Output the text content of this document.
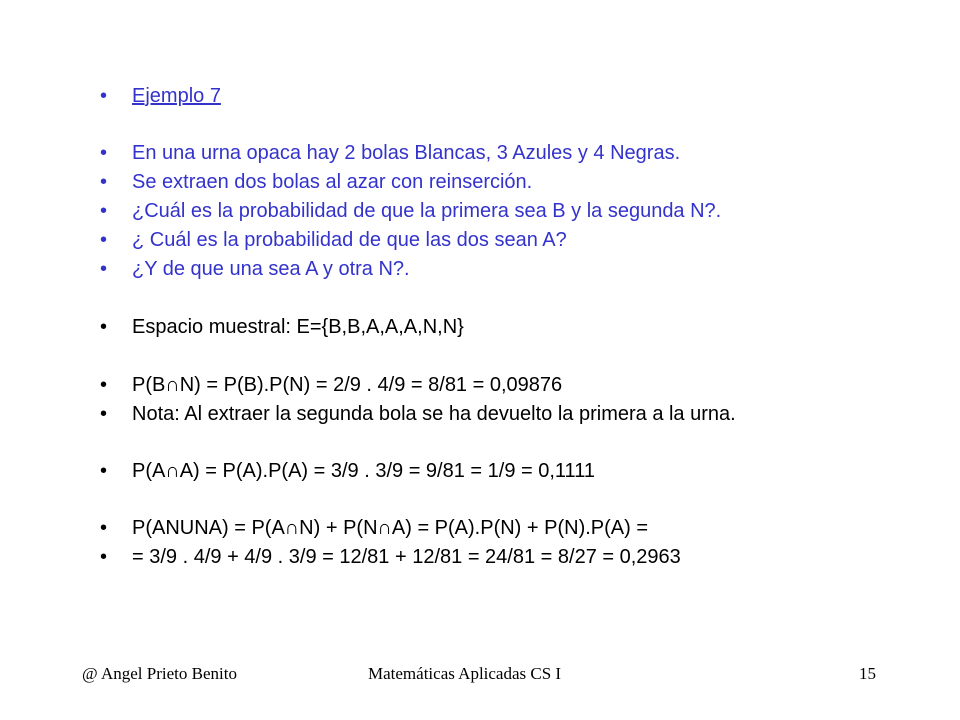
• Ejemplo 7
• En una urna opaca hay 2 bolas Blancas, 3 Azules y 4 Negras.
• Se extraen dos bolas al azar con reinserción.
• ¿Cuál es la probabilidad de que la primera sea B y la segunda N?.
• ¿ Cuál es la probabilidad de que las dos sean A?
• ¿Y de que una sea A y otra N?.
• Espacio muestral: E={B,B,A,A,A,N,N}
• P(B∩N) = P(B).P(N) = 2/9 . 4/9 = 8/81 = 0,09876
• Nota: Al extraer la segunda bola se ha devuelto la primera a la urna.
• P(A∩A) = P(A).P(A) = 3/9 . 3/9 = 9/81 = 1/9 = 0,1111
• P(ANUNA) = P(A∩N) + P(N∩A) = P(A).P(N) + P(N).P(A) =
• = 3/9 . 4/9 + 4/9 . 3/9 = 12/81 + 12/81 = 24/81 = 8/27 = 0,2963
@ Angel Prieto Benito	Matemáticas Aplicadas CS I	15
